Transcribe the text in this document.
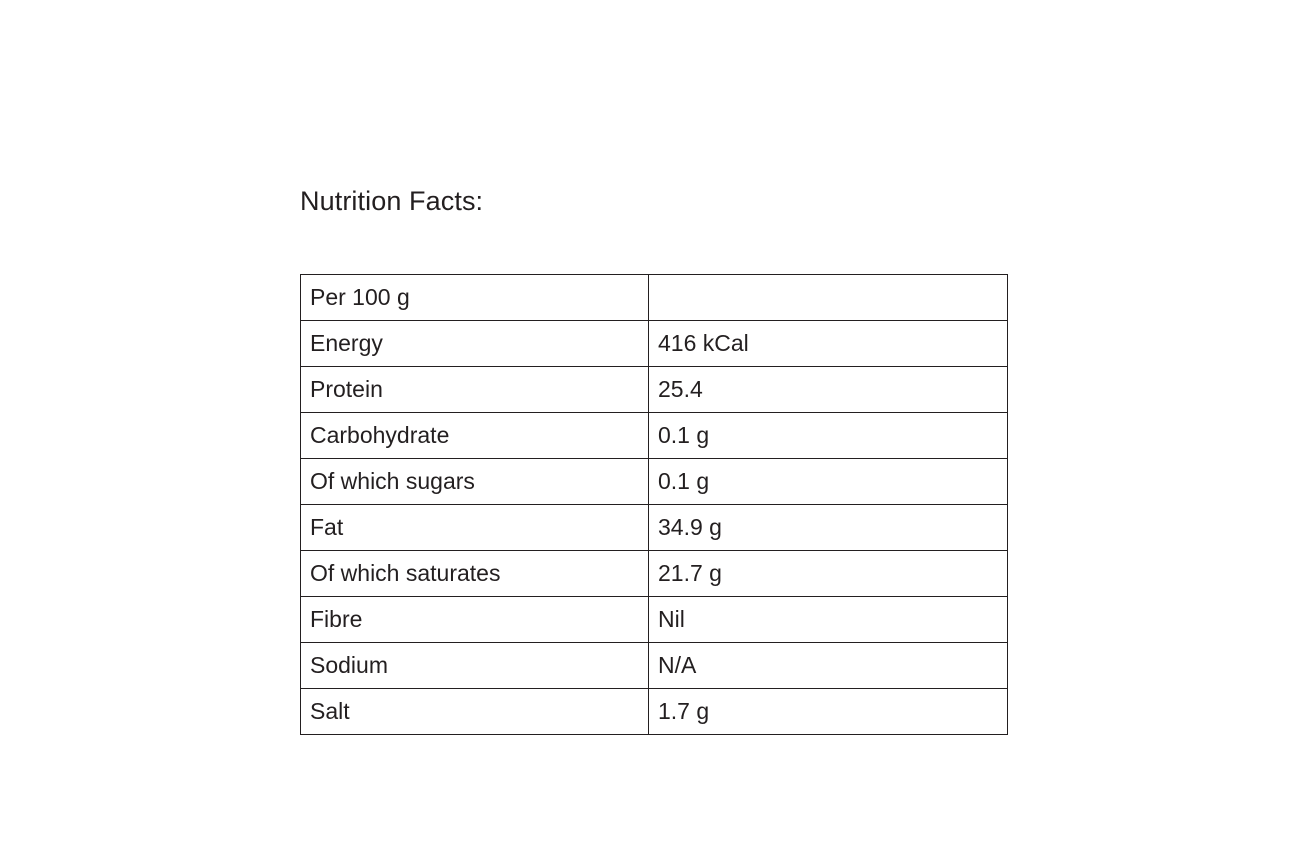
Nutrition Facts:
Per 100 g	
Energy	416 kCal
Protein	25.4
Carbohydrate	0.1 g
Of which sugars	0.1 g
Fat	34.9 g
Of which saturates	21.7 g
Fibre	Nil
Sodium	N/A
Salt	1.7 g
